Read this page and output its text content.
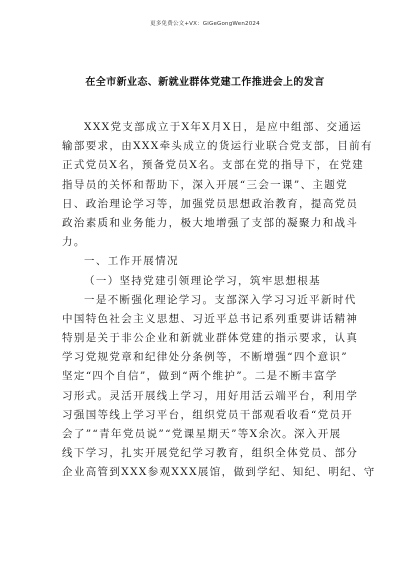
更多免费公文+VX：GiGeGongWen2024
在全市新业态、新就业群体党建工作推进会上的发言

XXX党支部成立于X年X月X日，是应中组部、交通运

输部要求，由XXX牵头成立的货运行业联合党支部，目前有

正式党员X名，预备党员X名。支部在党的指导下，在党建

指导员的关怀和帮助下，深入开展“三会一课”、主题党

日、政治理论学习等，加强党员思想政治教育，提高党员

政治素质和业务能力，极大地增强了支部的凝聚力和战斗

力。

一、工作开展情况

（一）坚持党建引领理论学习，筑牢思想根基

一是不断强化理论学习。支部深入学习习近平新时代

中国特色社会主义思想、习近平总书记系列重要讲话精神

特别是关于非公企业和新就业群体党建的指示要求，认真

学习党规党章和纪律处分条例等，不断增强“四个意识”

坚定“四个自信”，做到“两个维护”。二是不断丰富学

习形式。灵活开展线上学习，用好用活云端平台，利用学

习强国等线上学习平台，组织党员干部观看收看“党员开

会了”“青年党员说”“党课星期天”等X余次。深入开展

线下学习，扎实开展党纪学习教育，组织全体党员、部分

企业高管到XXX参观XXX展馆，做到学纪、知纪、明纪、守
